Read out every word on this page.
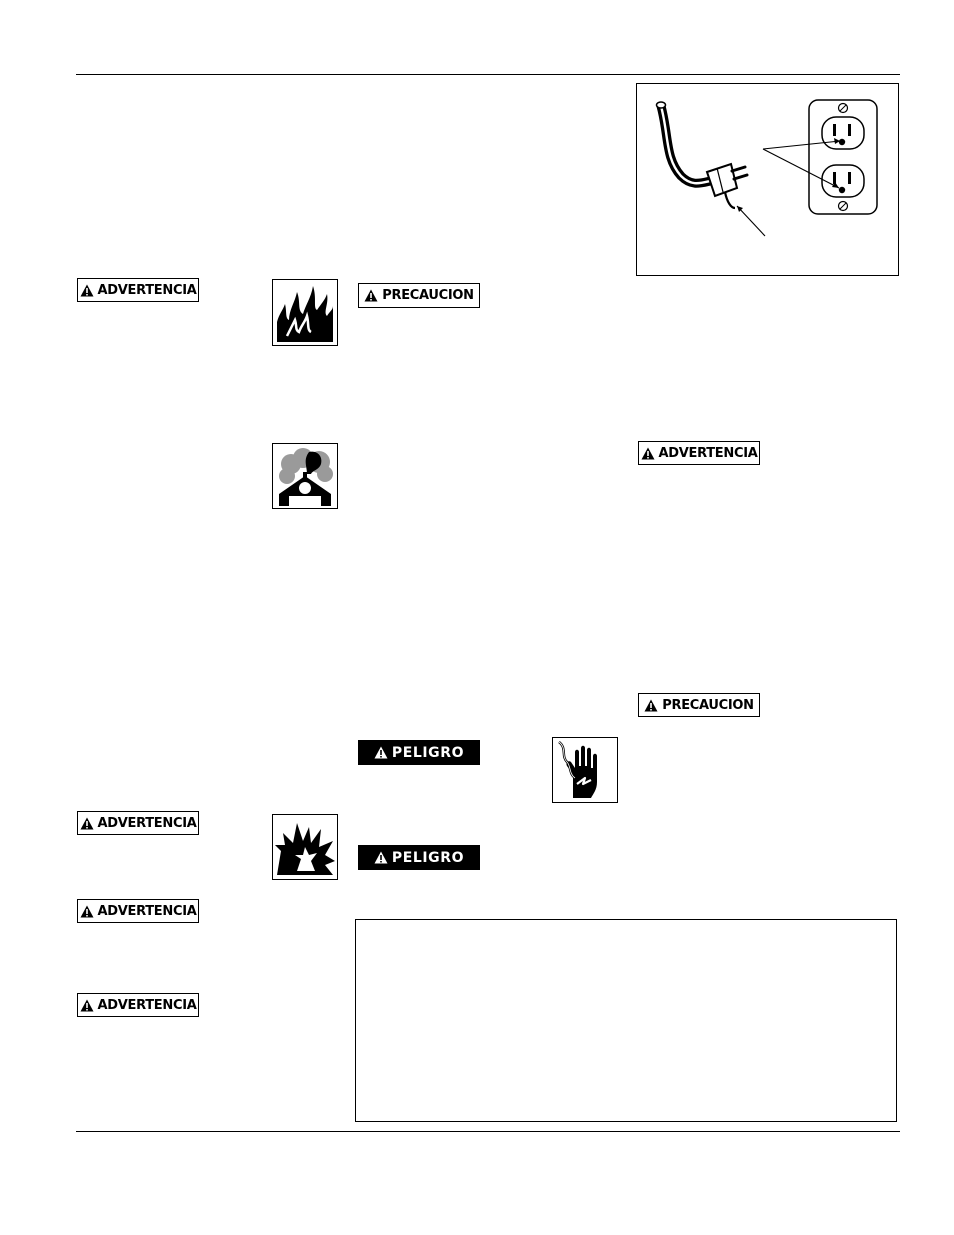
ADVERTENCIA
ADVERTENCIA
ADVERTENCIA
ADVERTENCIA
PRECAUCION
PELIGRO
PELIGRO
ADVERTENCIA
PRECAUCION
